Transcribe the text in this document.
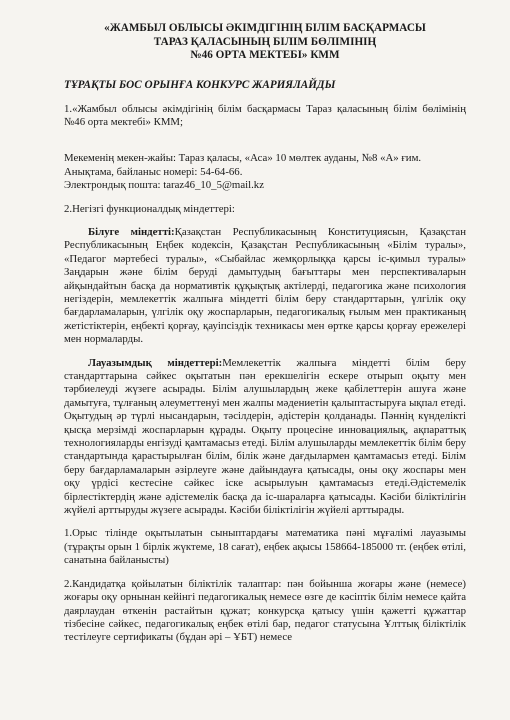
«ЖАМБЫЛ ОБЛЫСЫ ӘКІМДІГІНІҢ БІЛІМ БАСҚАРМАСЫ
ТАРАЗ ҚАЛАСЫНЫҢ БІЛІМ БӨЛІМІНІҢ
№46 ОРТА МЕКТЕБІ» КММ
ТҰРАҚТЫ БОС ОРЫНҒА КОНКУРС ЖАРИЯЛАЙДЫ

1.«Жамбыл облысы әкімдігінің білім басқармасы Тараз қаласының білім бөлімінің №46 орта мектебі» КММ;

Мекеменің мекен-жайы: Тараз қаласы, «Аса» 10 мөлтек ауданы, №8 «А» ғим.
Анықтама, байланыс номері: 54-64-66.
Электрондық пошта: taraz46_10_5@mail.kz

2.Негізгі функционалдық міндеттері:

Білуге міндетті:Қазақстан Республикасының Конституциясын, Қазақстан Республикасының Еңбек кодексін, Қазақстан Республикасының «Білім туралы», «Педагог мәртебесі туралы», «Сыбайлас жемқорлыққа қарсы іс-қимыл туралы» Заңдарын және білім беруді дамытудың бағыттары мен перспективаларын айқындайтын басқа да нормативтік құқықтық актілерді, педагогика және психология негіздерін, мемлекеттік жалпыға міндетті білім беру стандарттарын, үлгілік оқу бағдарламаларын, үлгілік оқу жоспарларын, педагогикалық ғылым мен практиканың жетістіктерін, еңбекті қорғау, қауіпсіздік техникасы мен өртке қарсы қорғау ережелері мен нормаларды.

Лауазымдық міндеттері:Мемлекеттік жалпыға міндетті білім беру стандарттарына сәйкес оқытатын пән ерекшелігін ескере отырып оқыту мен тәрбиелеуді жүзеге асырады. Білім алушылардың жеке қабілеттерін ашуға және дамытуға, тұлғаның әлеуметтенуі мен жалпы мәдениетін қалыптастыруға ықпал етеді. Оқытудың әр түрлі нысандарын, тәсілдерін, әдістерін қолданады. Пәннің күнделікті қысқа мерзімді жоспарларын құрады. Оқыту процесіне инновациялық, ақпараттық технологияларды енгізуді қамтамасыз етеді. Білім алушыларды мемлекеттік білім беру стандартында қарастырылған білім, білік және дағдылармен қамтамасыз етеді. Білім беру бағдарламаларын әзірлеуге және дайындауға қатысады, оны оқу жоспары мен оқу үрдісі кестесіне сәйкес іске асырылуын қамтамасыз етеді.Әдістемелік бірлестіктердің және әдістемелік басқа да іс-шараларға қатысады. Кәсіби біліктілігін жүйелі арттыруды жүзеге асырады. Кәсіби біліктілігін жүйелі арттырады.

1.Орыс тілінде оқытылатын сыныптардағы математика пәні мұғалімі лауазымы (тұрақты орын 1 бірлік жүктеме, 18 сағат), еңбек ақысы 158664-185000 тг. (еңбек өтілі, санатына байланысты)

2.Кандидатқа қойылатын біліктілік талаптар: пән бойынша жоғары және (немесе) жоғары оқу орнынан кейінгі педагогикалық немесе өзге де кәсіптік білім немесе қайта даярлаудан өткенін растайтын құжат; конкурсқа қатысу үшін қажетті құжаттар тізбесіне сәйкес, педагогикалық еңбек өтілі бар, педагог статусына Ұлттық біліктілік тестілеуге сертификаты (бұдан әрі – ҰБТ) немесе
